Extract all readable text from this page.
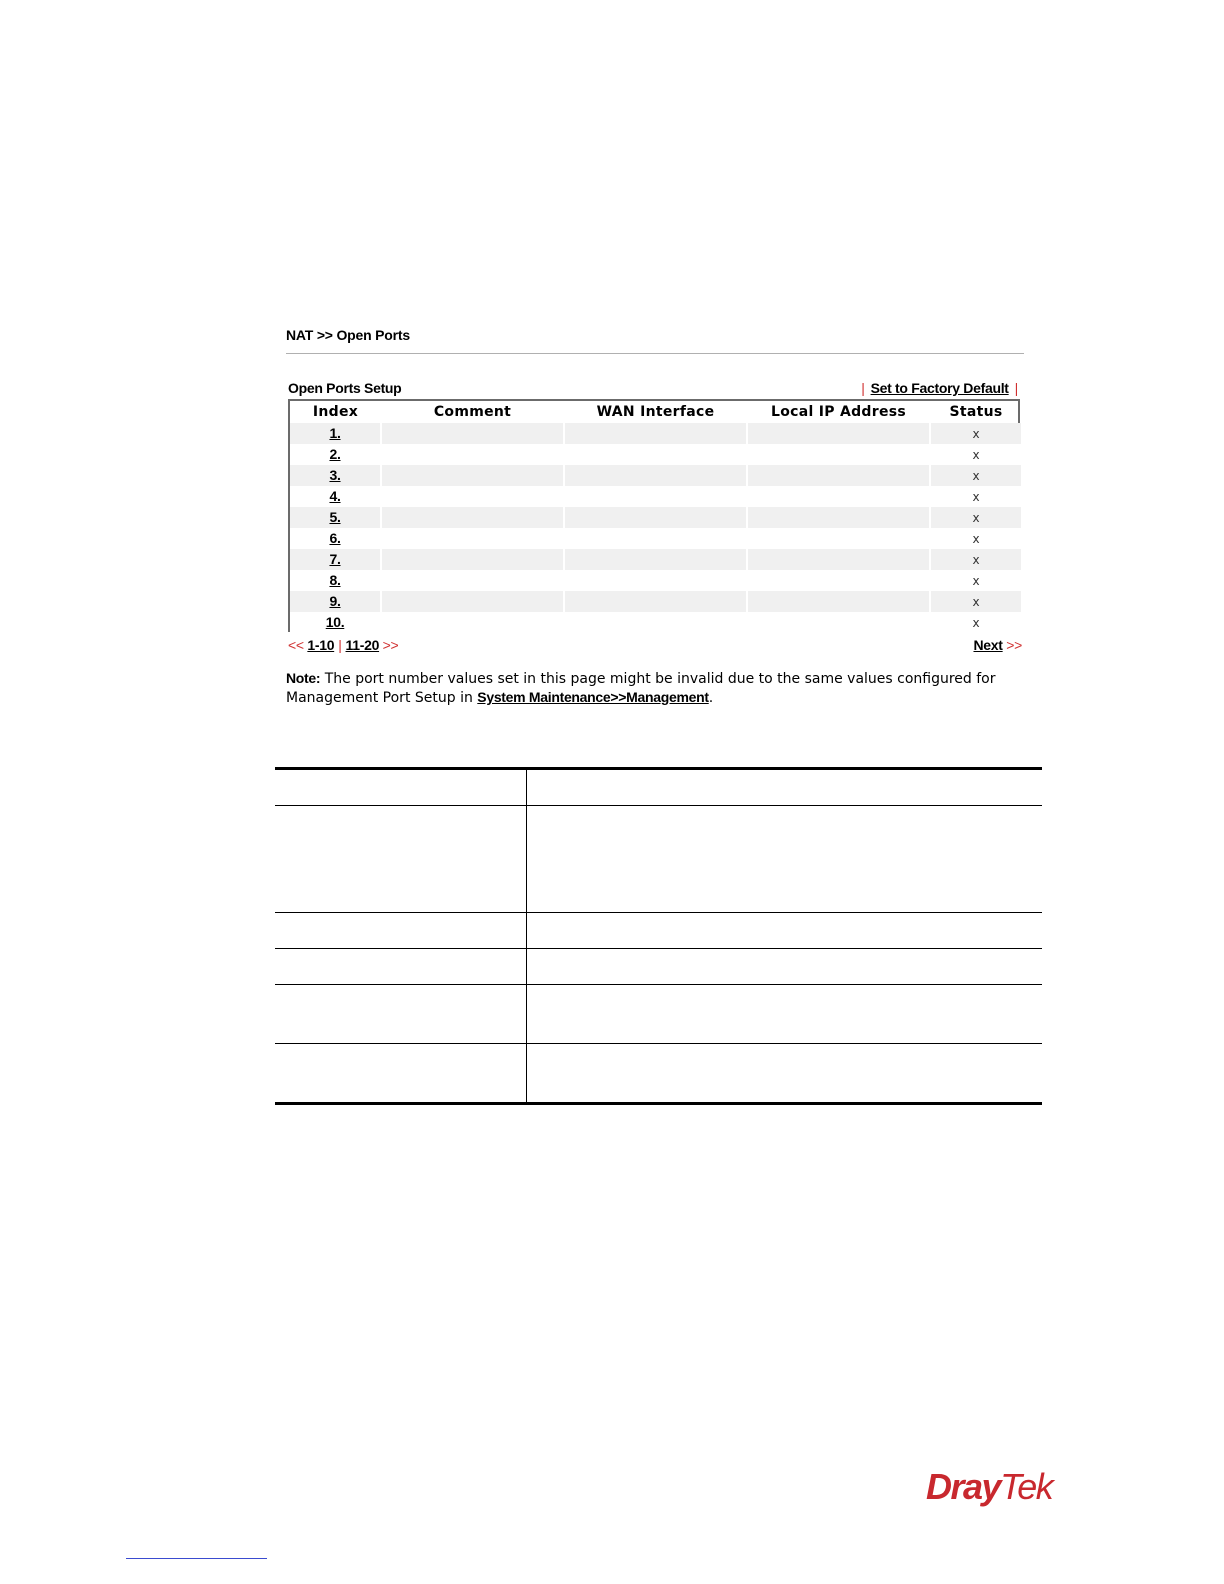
NAT >> Open Ports
Open Ports Setup	| Set to Factory Default |
Index	Comment	WAN Interface	Local IP Address	Status
1.				x
2.				x
3.				x
4.				x
5.				x
6.				x
7.				x
8.				x
9.				x
10.				x
<< 1-10 | 11-20 >>	Next >>
Note: The port number values set in this page might be invalid due to the same values configured for Management Port Setup in System Maintenance>>Management.

DrayTek
